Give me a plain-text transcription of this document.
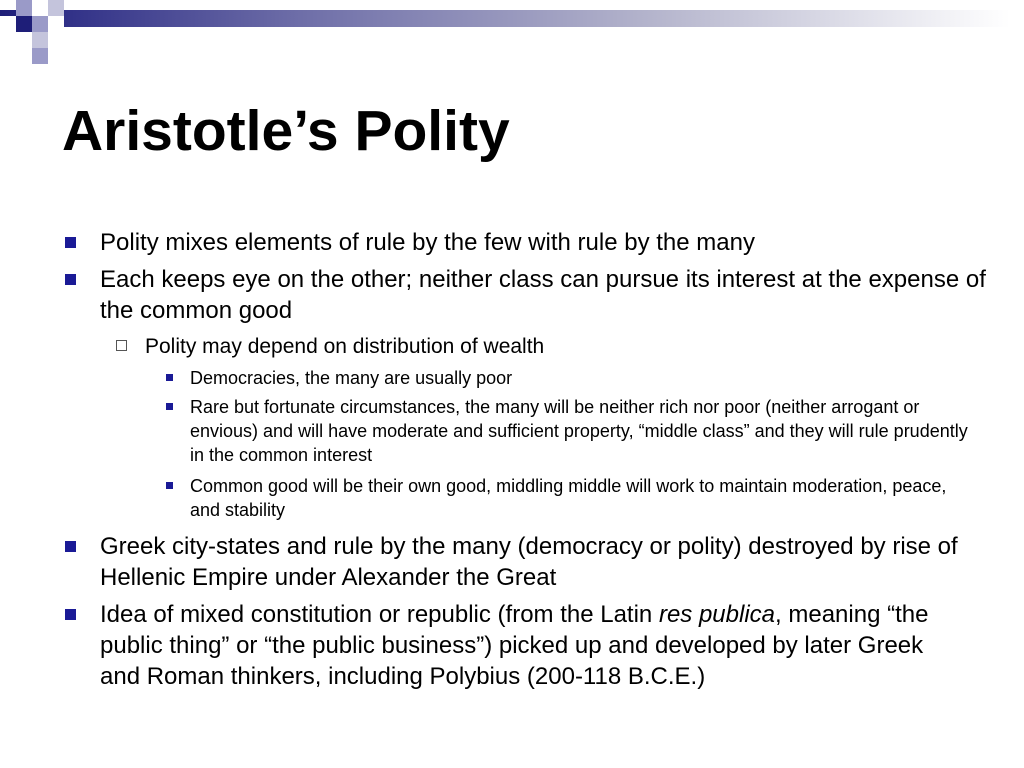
Aristotle’s Polity
Polity mixes elements of rule by the few with rule by the many
Each keeps eye on the other; neither class can pursue its interest at the expense of the common good
Polity may depend on distribution of wealth
Democracies, the many are usually poor
Rare but fortunate circumstances, the many will be neither rich nor poor (neither arrogant or envious) and will have moderate and sufficient property, “middle class” and they will rule prudently in the common interest
Common good will be their own good, middling middle will work to maintain moderation, peace, and stability
Greek city-states and rule by the many (democracy or polity) destroyed by rise of Hellenic Empire under Alexander the Great
Idea of mixed constitution or republic (from the Latin res publica, meaning “the public thing” or “the public business”) picked up and developed by later Greek and Roman thinkers, including Polybius (200-118 B.C.E.)
